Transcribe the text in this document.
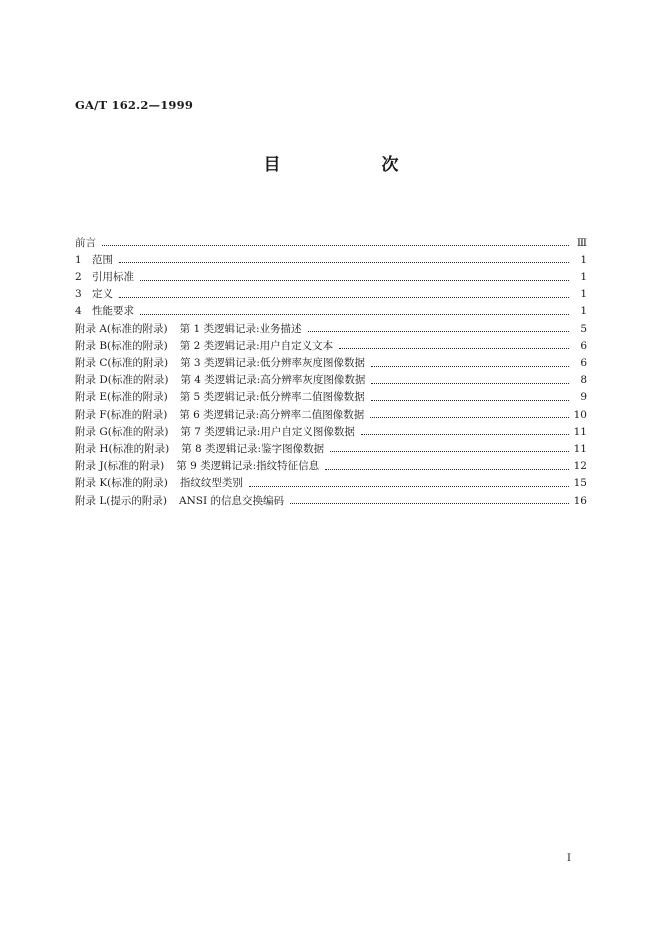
GA/T 162.2—1999
目　次
前言	Ⅲ
1 范围	1
2 引用标准	1
3 定义	1
4 性能要求	1
附录 A(标准的附录) 第 1 类逻辑记录:业务描述	5
附录 B(标准的附录) 第 2 类逻辑记录:用户自定义文本	6
附录 C(标准的附录) 第 3 类逻辑记录:低分辨率灰度图像数据	6
附录 D(标准的附录) 第 4 类逻辑记录:高分辨率灰度图像数据	8
附录 E(标准的附录) 第 5 类逻辑记录:低分辨率二值图像数据	9
附录 F(标准的附录) 第 6 类逻辑记录:高分辨率二值图像数据	10
附录 G(标准的附录) 第 7 类逻辑记录:用户自定义图像数据	11
附录 H(标准的附录) 第 8 类逻辑记录:鉴字图像数据	11
附录 J(标准的附录) 第 9 类逻辑记录:指纹特征信息	12
附录 K(标准的附录) 指纹纹型类别	15
附录 L(提示的附录) ANSI 的信息交换编码	16
I
